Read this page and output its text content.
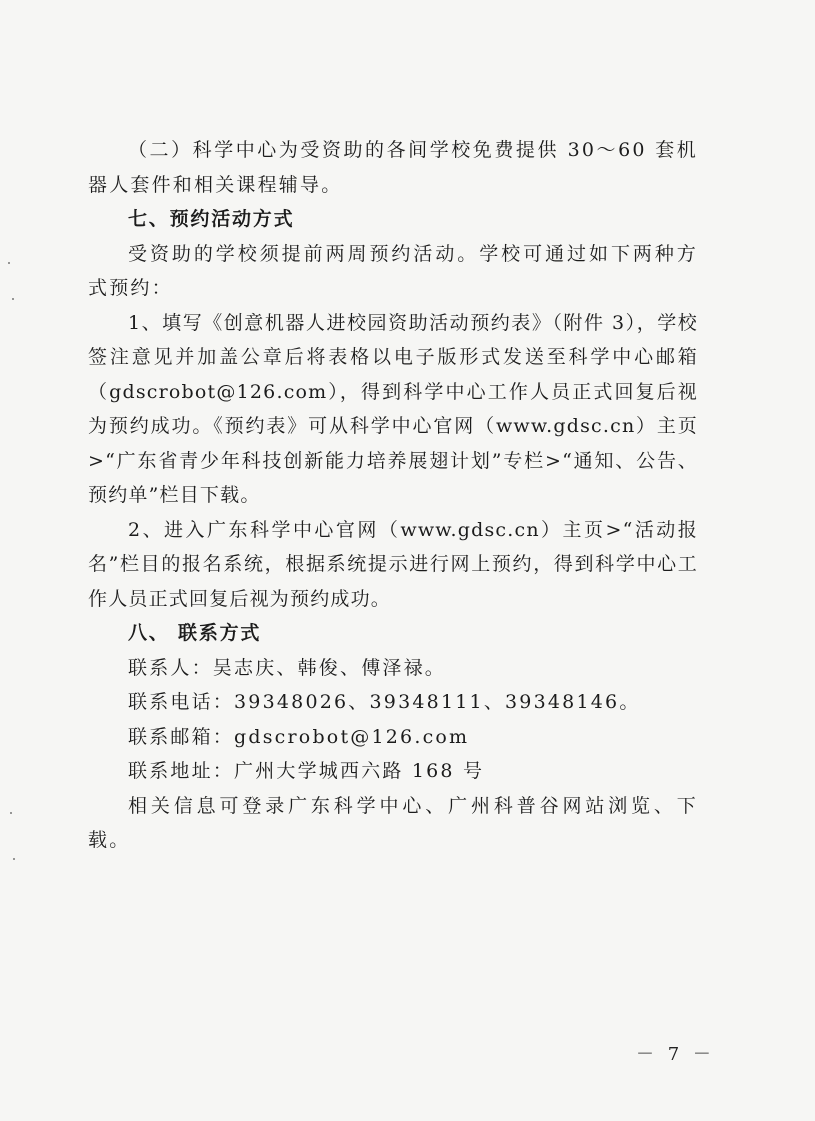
（二）科学中心为受资助的各间学校免费提供 30～60 套机器人套件和相关课程辅导。

七、预约活动方式

受资助的学校须提前两周预约活动。学校可通过如下两种方式预约：

1、填写《创意机器人进校园资助活动预约表》（附件 3），学校签注意见并加盖公章后将表格以电子版形式发送至科学中心邮箱（gdscrobot@126.com），得到科学中心工作人员正式回复后视为预约成功。《预约表》可从科学中心官网（www.gdsc.cn）主页>“广东省青少年科技创新能力培养展翅计划”专栏>“通知、公告、预约单”栏目下载。

2、进入广东科学中心官网（www.gdsc.cn）主页>“活动报名”栏目的报名系统，根据系统提示进行网上预约，得到科学中心工作人员正式回复后视为预约成功。

八、 联系方式

联系人：吴志庆、韩俊、傅泽禄。

联系电话：39348026、39348111、39348146。

联系邮箱：gdscrobot@126.com

联系地址：广州大学城西六路 168 号

相关信息可登录广东科学中心、广州科普谷网站浏览、下载。

－ 7 －
